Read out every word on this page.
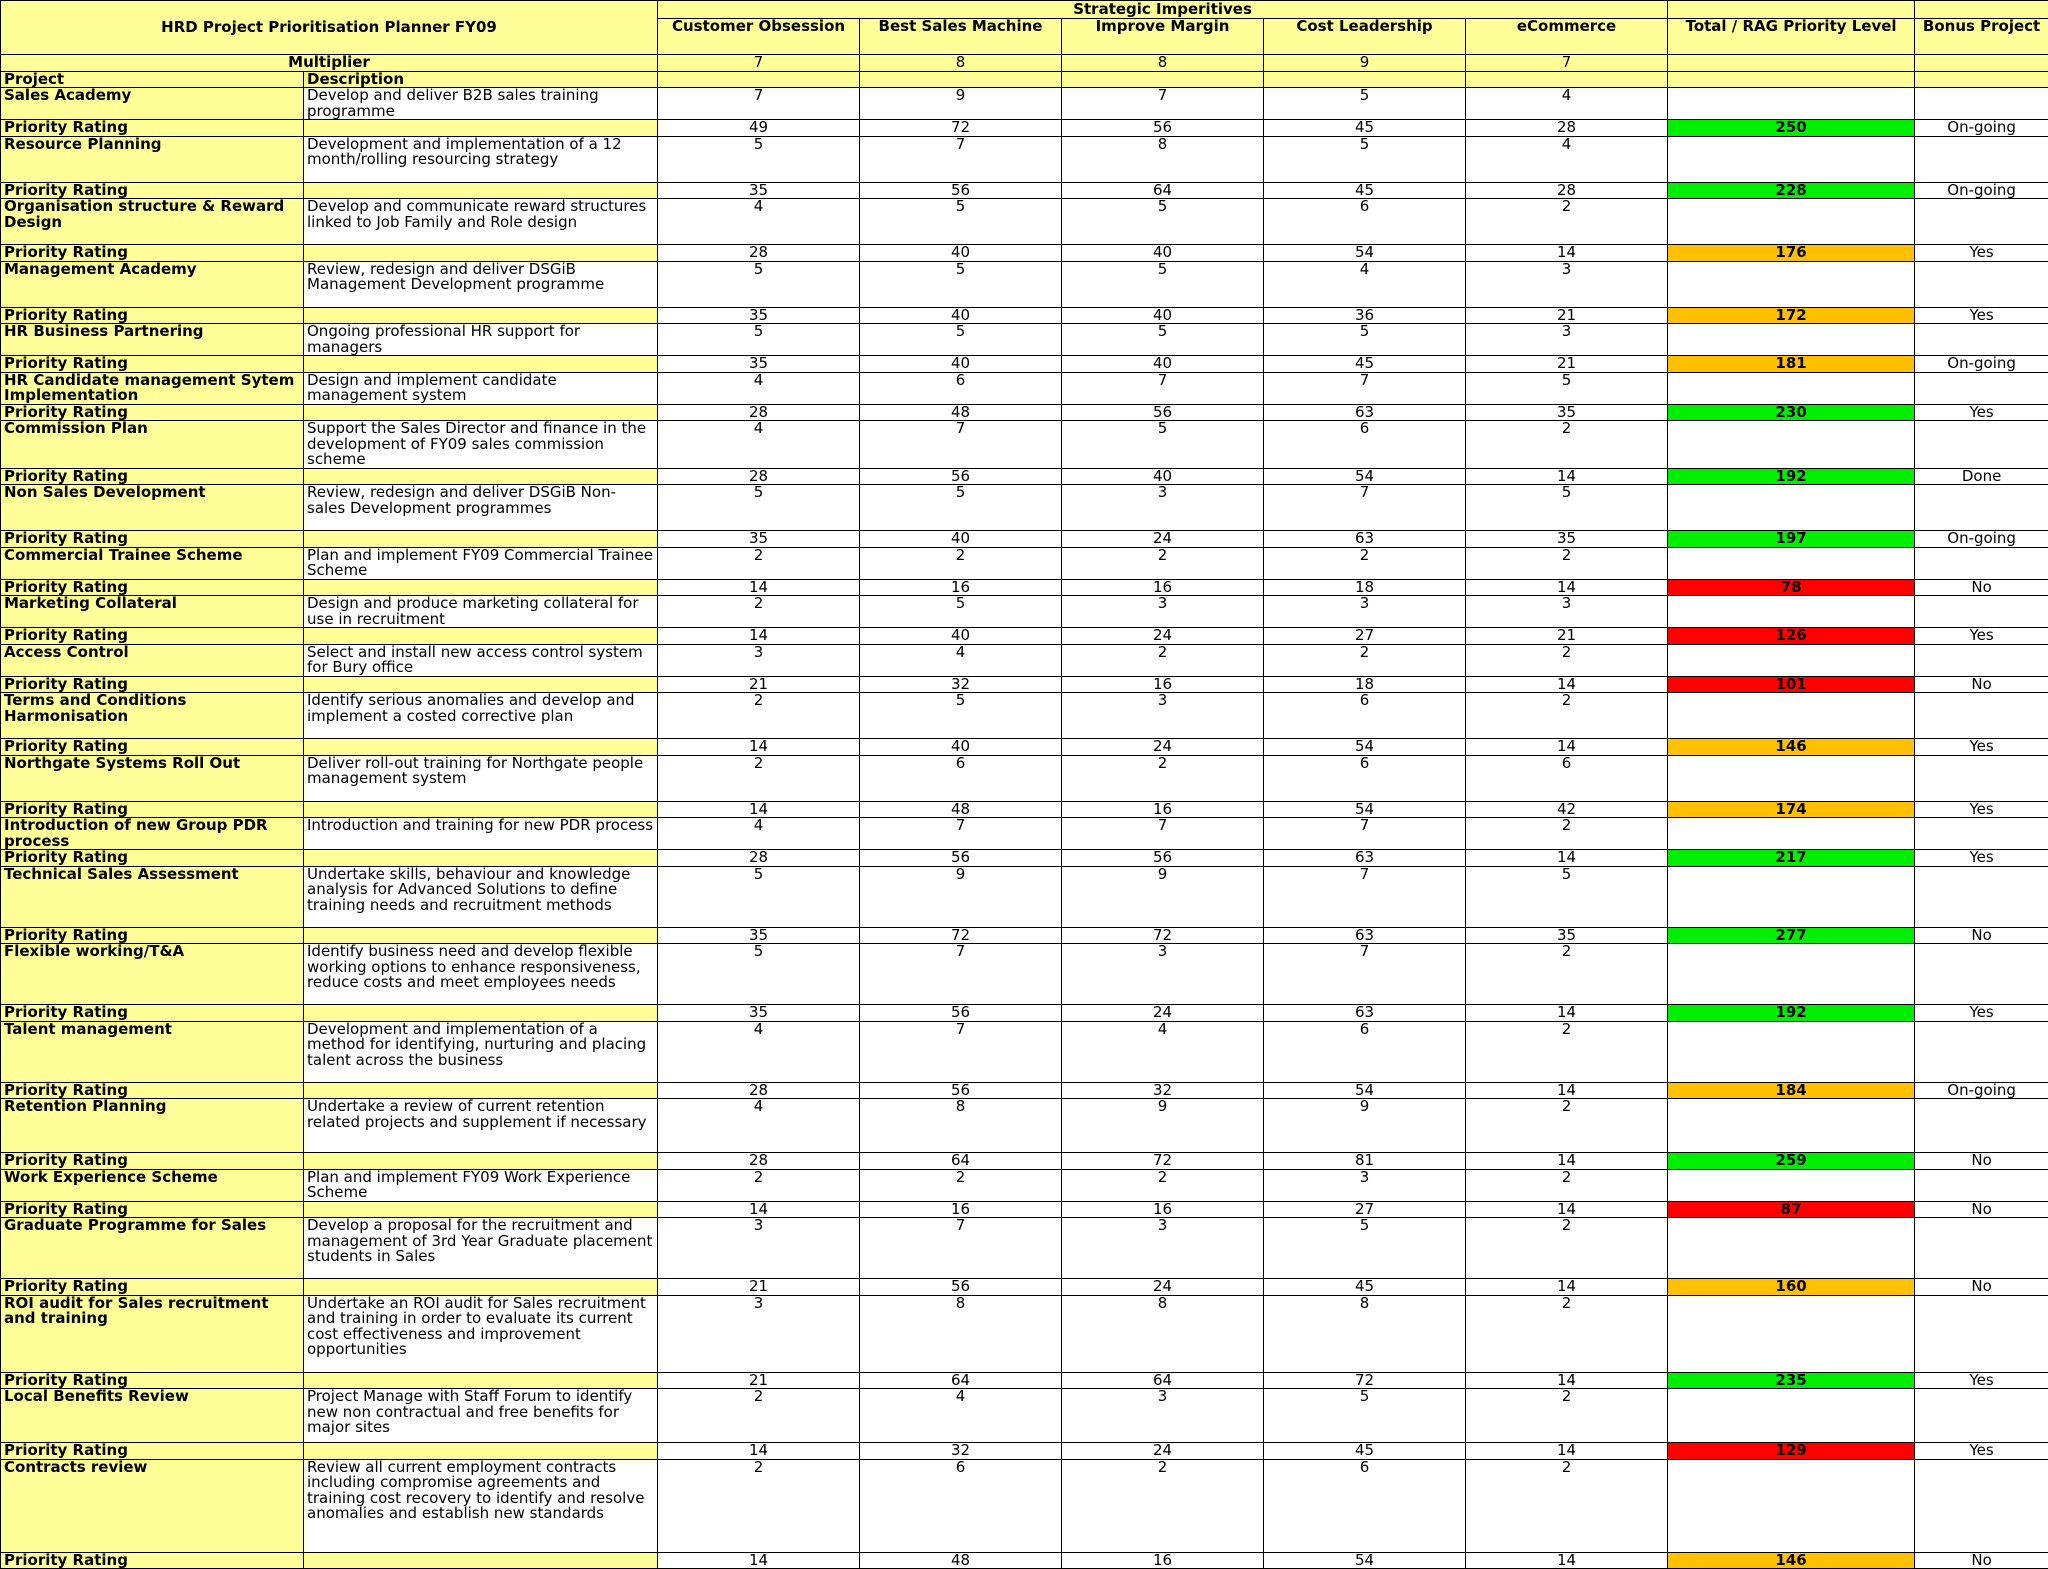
HRD Project Prioritisation Planner FY09		Strategic Imperitives						
		Customer Obsession	Best Sales Machine	Improve Margin	Cost Leadership	eCommerce	Total / RAG Priority Level	Bonus Project
Multiplier		7	8	8	9	7		
Project	Description							
Sales Academy	Develop and deliver B2B sales training programme	7	9	7	5	4		
Priority Rating		49	72	56	45	28	250	On-going
Resource Planning	Development and implementation of a 12 month/rolling resourcing strategy	5	7	8	5	4		
Priority Rating		35	56	64	45	28	228	On-going
Organisation structure & Reward Design	Develop and communicate reward structures linked to Job Family and Role design	4	5	5	6	2		
Priority Rating		28	40	40	54	14	176	Yes
Management Academy	Review, redesign and deliver DSGiB Management Development programme	5	5	5	4	3		
Priority Rating		35	40	40	36	21	172	Yes
HR Business Partnering	Ongoing professional HR support for managers	5	5	5	5	3		
Priority Rating		35	40	40	45	21	181	On-going
HR Candidate management Sytem Implementation	Design and implement candidate management system	4	6	7	7	5		
Priority Rating		28	48	56	63	35	230	Yes
Commission Plan	Support the Sales Director and finance in the development of FY09 sales commission scheme	4	7	5	6	2		
Priority Rating		28	56	40	54	14	192	Done
Non Sales Development	Review, redesign and deliver DSGiB Non-sales Development programmes	5	5	3	7	5		
Priority Rating		35	40	24	63	35	197	On-going
Commercial Trainee Scheme	Plan and implement FY09 Commercial Trainee Scheme	2	2	2	2	2		
Priority Rating		14	16	16	18	14	78	No
Marketing Collateral	Design and produce marketing collateral for use in recruitment	2	5	3	3	3		
Priority Rating		14	40	24	27	21	126	Yes
Access Control	Select and install new access control system for Bury office	3	4	2	2	2		
Priority Rating		21	32	16	18	14	101	No
Terms and Conditions Harmonisation	Identify serious anomalies and develop and implement a costed corrective plan	2	5	3	6	2		
Priority Rating		14	40	24	54	14	146	Yes
Northgate Systems Roll Out	Deliver roll-out training for Northgate people management system	2	6	2	6	6		
Priority Rating		14	48	16	54	42	174	Yes
Introduction of new Group PDR process	Introduction and training for new PDR process	4	7	7	7	2		
Priority Rating		28	56	56	63	14	217	Yes
Technical Sales Assessment	Undertake skills, behaviour and knowledge analysis for Advanced Solutions to define training needs and recruitment methods	5	9	9	7	5		
Priority Rating		35	72	72	63	35	277	No
Flexible working/T&A	Identify business need and develop flexible working options to enhance responsiveness, reduce costs and meet employees needs	5	7	3	7	2		
Priority Rating		35	56	24	63	14	192	Yes
Talent management	Development and implementation of a method for identifying, nurturing and placing talent across the business	4	7	4	6	2		
Priority Rating		28	56	32	54	14	184	On-going
Retention Planning	Undertake a review of current retention related projects and supplement if necessary	4	8	9	9	2		
Priority Rating		28	64	72	81	14	259	No
Work Experience Scheme	Plan and implement FY09 Work Experience Scheme	2	2	2	3	2		
Priority Rating		14	16	16	27	14	87	No
Graduate Programme for Sales	Develop a proposal for the recruitment and management of 3rd Year Graduate placement students in Sales	3	7	3	5	2		
Priority Rating		21	56	24	45	14	160	No
ROI audit for Sales recruitment and training	Undertake an ROI audit for Sales recruitment and training in order to evaluate its current cost effectiveness and improvement opportunities	3	8	8	8	2		
Priority Rating		21	64	64	72	14	235	Yes
Local Benefits Review	Project Manage with Staff Forum to identify new non contractual and free benefits for major sites	2	4	3	5	2		
Priority Rating		14	32	24	45	14	129	Yes
Contracts review	Review all current employment contracts including compromise agreements and training cost recovery to identify and resolve anomalies and establish new standards	2	6	2	6	2		
Priority Rating		14	48	16	54	14	146	No
